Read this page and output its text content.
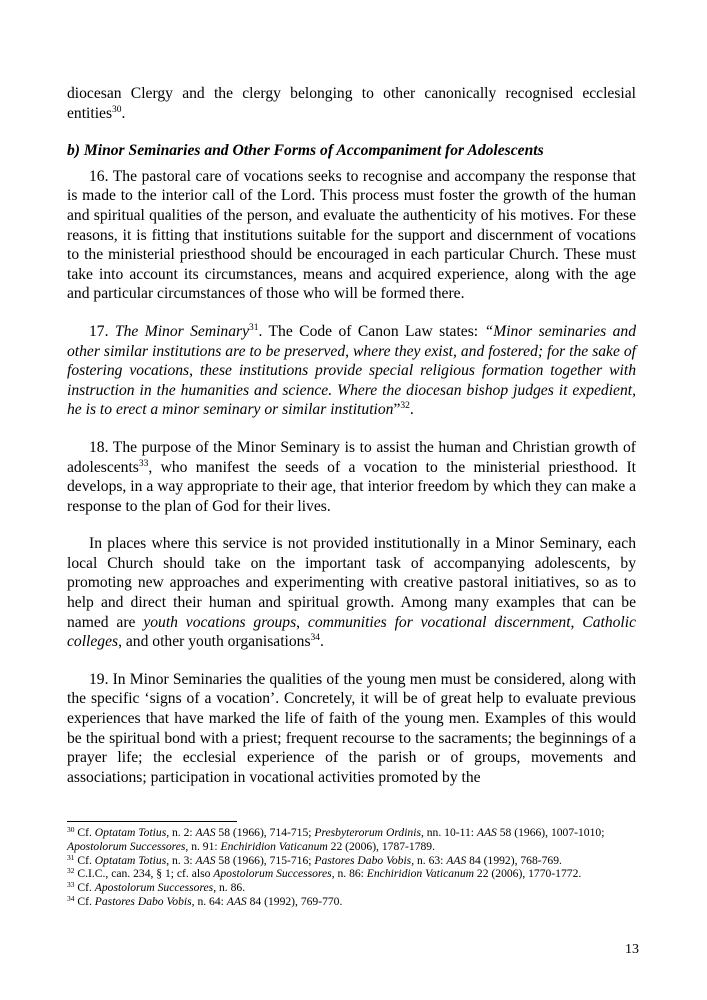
diocesan Clergy and the clergy belonging to other canonically recognised ecclesial entities$^{30}$.

b) Minor Seminaries and Other Forms of Accompaniment for Adolescents

16. The pastoral care of vocations seeks to recognise and accompany the response that is made to the interior call of the Lord. This process must foster the growth of the human and spiritual qualities of the person, and evaluate the authenticity of his motives. For these reasons, it is fitting that institutions suitable for the support and discernment of vocations to the ministerial priesthood should be encouraged in each particular Church. These must take into account its circumstances, means and acquired experience, along with the age and particular circumstances of those who will be formed there.

17. The Minor Seminary$^{31}$. The Code of Canon Law states: “Minor seminaries and other similar institutions are to be preserved, where they exist, and fostered; for the sake of fostering vocations, these institutions provide special religious formation together with instruction in the humanities and science. Where the diocesan bishop judges it expedient, he is to erect a minor seminary or similar institution”$^{32}$.

18. The purpose of the Minor Seminary is to assist the human and Christian growth of adolescents$^{33}$, who manifest the seeds of a vocation to the ministerial priesthood. It develops, in a way appropriate to their age, that interior freedom by which they can make a response to the plan of God for their lives.

In places where this service is not provided institutionally in a Minor Seminary, each local Church should take on the important task of accompanying adolescents, by promoting new approaches and experimenting with creative pastoral initiatives, so as to help and direct their human and spiritual growth. Among many examples that can be named are youth vocations groups, communities for vocational discernment, Catholic colleges, and other youth organisations$^{34}$.

19. In Minor Seminaries the qualities of the young men must be considered, along with the specific ‘signs of a vocation’. Concretely, it will be of great help to evaluate previous experiences that have marked the life of faith of the young men. Examples of this would be the spiritual bond with a priest; frequent recourse to the sacraments; the beginnings of a prayer life; the ecclesial experience of the parish or of groups, movements and associations; participation in vocational activities promoted by the

$^{30}$ Cf. Optatam Totius, n. 2: AAS 58 (1966), 714-715; Presbyterorum Ordinis, nn. 10-11: AAS 58 (1966), 1007-1010; Apostolorum Successores, n. 91: Enchiridion Vaticanum 22 (2006), 1787-1789.

$^{31}$ Cf. Optatam Totius, n. 3: AAS 58 (1966), 715-716; Pastores Dabo Vobis, n. 63: AAS 84 (1992), 768-769.

$^{32}$ C.I.C., can. 234, § 1; cf. also Apostolorum Successores, n. 86: Enchiridion Vaticanum 22 (2006), 1770-1772.

$^{33}$ Cf. Apostolorum Successores, n. 86.

$^{34}$ Cf. Pastores Dabo Vobis, n. 64: AAS 84 (1992), 769-770.

13
